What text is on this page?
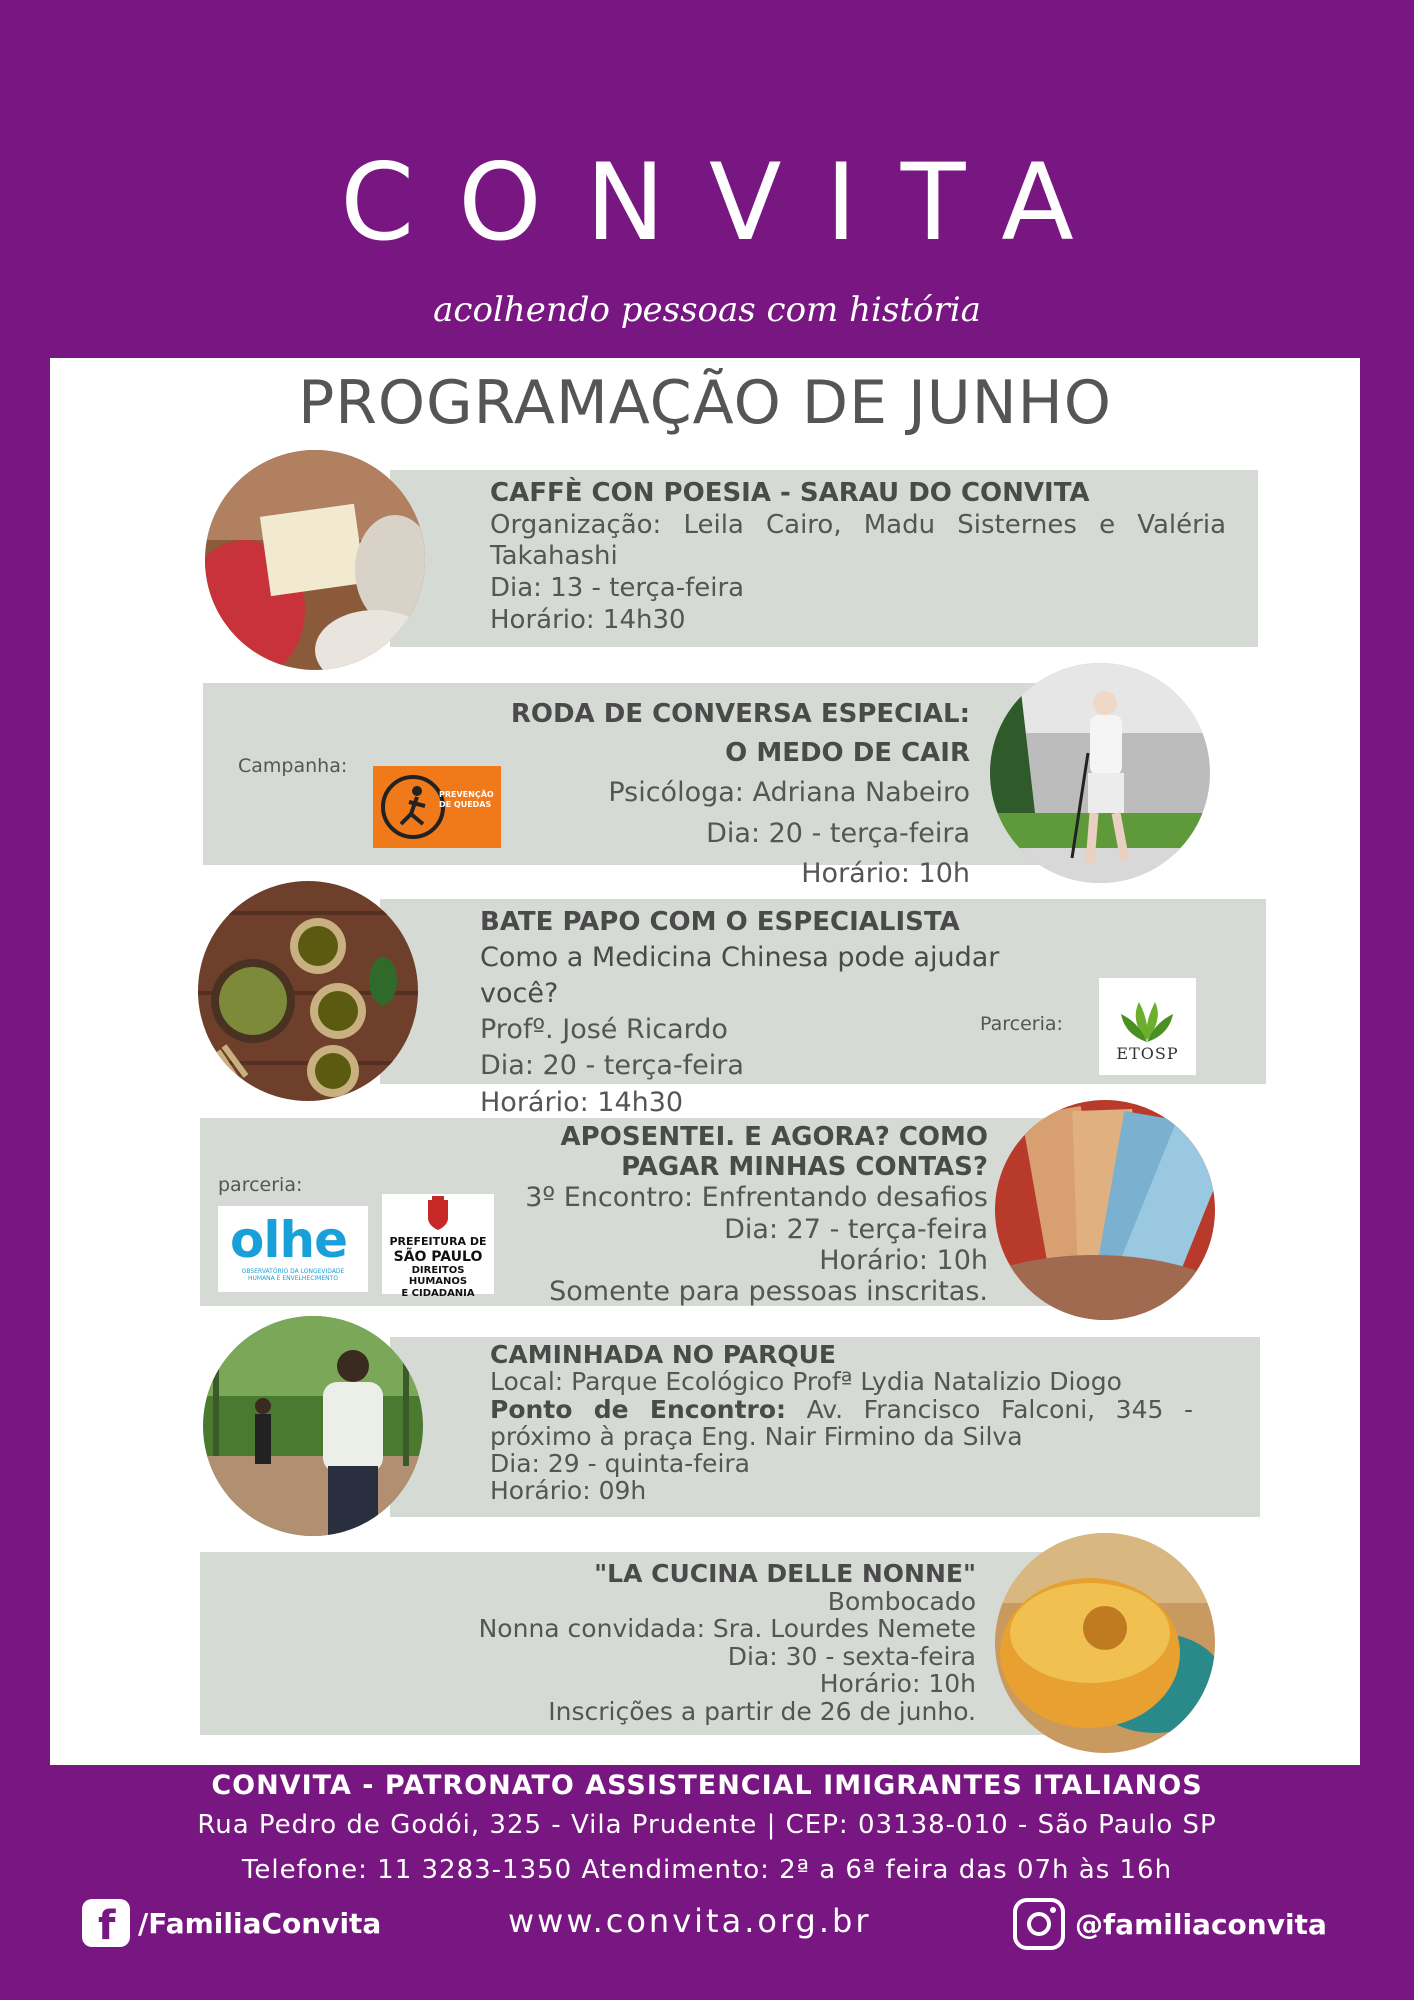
CONVITA
acolhendo pessoas com história
PROGRAMAÇÃO DE JUNHO
CAFFÈ CON POESIA - SARAU DO CONVITA
Organização: Leila Cairo, Madu Sisternes e Valéria Takahashi
Dia: 13 - terça-feira
Horário: 14h30
Campanha:
PREVENÇÃO
DE QUEDAS
RODA DE CONVERSA ESPECIAL: O MEDO DE CAIR
Psicóloga: Adriana Nabeiro
Dia: 20 - terça-feira
Horário: 10h
BATE PAPO COM O ESPECIALISTA
Como a Medicina Chinesa pode ajudar você?
Profº. José Ricardo
Dia: 20 - terça-feira
Horário: 14h30
Parceria:
ETOSP
parceria:
olhe
OBSERVATÓRIO DA LONGEVIDADE HUMANA E ENVELHECIMENTO
PREFEITURA DE
SÃO PAULO
DIREITOS HUMANOS
E CIDADANIA
APOSENTEI. E AGORA? COMO PAGAR MINHAS CONTAS?
3º Encontro: Enfrentando desafios
Dia: 27 - terça-feira
Horário: 10h
Somente para pessoas inscritas.
CAMINHADA NO PARQUE
Local: Parque Ecológico Profª Lydia Natalizio Diogo
Ponto de Encontro: Av. Francisco Falconi, 345 - próximo à praça Eng. Nair Firmino da Silva
Dia: 29 - quinta-feira
Horário: 09h
"LA CUCINA DELLE NONNE"
Bombocado
Nonna convidada: Sra. Lourdes Nemete
Dia: 30 - sexta-feira
Horário: 10h
Inscrições a partir de 26 de junho.
CONVITA - PATRONATO ASSISTENCIAL IMIGRANTES ITALIANOS
Rua Pedro de Godói, 325 - Vila Prudente | CEP: 03138-010 - São Paulo SP
Telefone: 11 3283-1350 Atendimento: 2ª a 6ª feira das 07h às 16h
f /FamiliaConvita	www.convita.org.br	@familiaconvita
